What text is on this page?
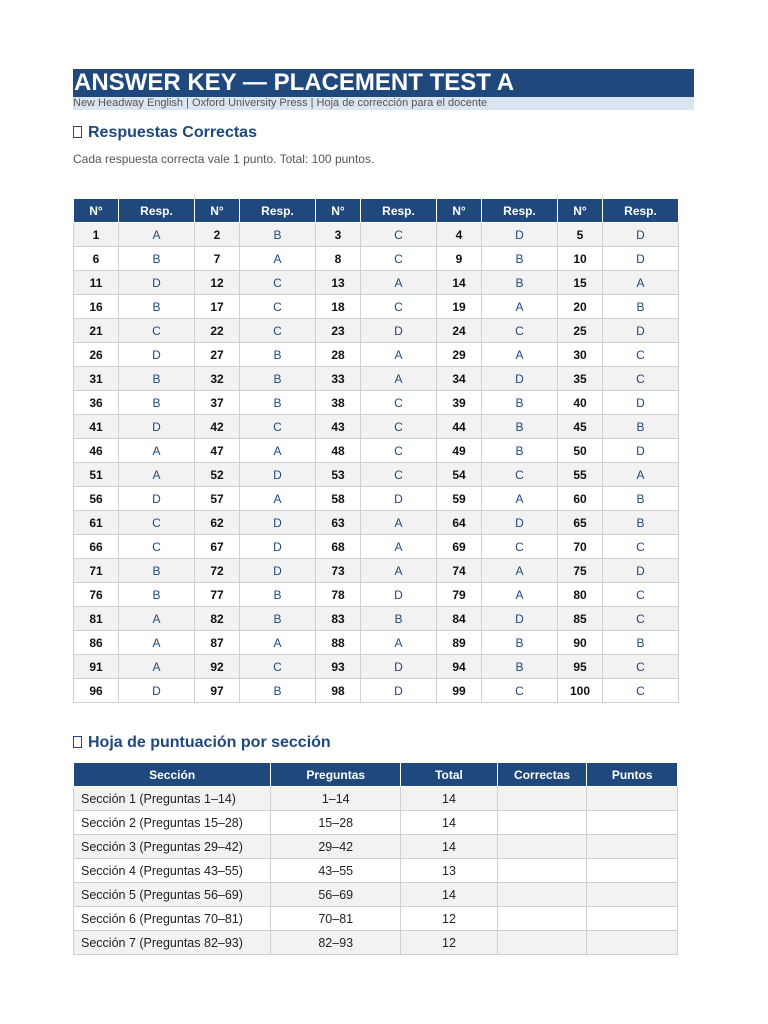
ANSWER KEY — PLACEMENT TEST A
New Headway English | Oxford University Press | Hoja de corrección para el docente
Respuestas Correctas
Cada respuesta correcta vale 1 punto. Total: 100 puntos.
N°	Resp.	N°	Resp.	N°	Resp.	N°	Resp.	N°	Resp.
1	A	2	B	3	C	4	D	5	D
6	B	7	A	8	C	9	B	10	D
11	D	12	C	13	A	14	B	15	A
16	B	17	C	18	C	19	A	20	B
21	C	22	C	23	D	24	C	25	D
26	D	27	B	28	A	29	A	30	C
31	B	32	B	33	A	34	D	35	C
36	B	37	B	38	C	39	B	40	D
41	D	42	C	43	C	44	B	45	B
46	A	47	A	48	C	49	B	50	D
51	A	52	D	53	C	54	C	55	A
56	D	57	A	58	D	59	A	60	B
61	C	62	D	63	A	64	D	65	B
66	C	67	D	68	A	69	C	70	C
71	B	72	D	73	A	74	A	75	D
76	B	77	B	78	D	79	A	80	C
81	A	82	B	83	B	84	D	85	C
86	A	87	A	88	A	89	B	90	B
91	A	92	C	93	D	94	B	95	C
96	D	97	B	98	D	99	C	100	C
Hoja de puntuación por sección
Sección	Preguntas	Total	Correctas	Puntos
Sección 1 (Preguntas 1–14)	1–14	14		
Sección 2 (Preguntas 15–28)	15–28	14		
Sección 3 (Preguntas 29–42)	29–42	14		
Sección 4 (Preguntas 43–55)	43–55	13		
Sección 5 (Preguntas 56–69)	56–69	14		
Sección 6 (Preguntas 70–81)	70–81	12		
Sección 7 (Preguntas 82–93)	82–93	12		
